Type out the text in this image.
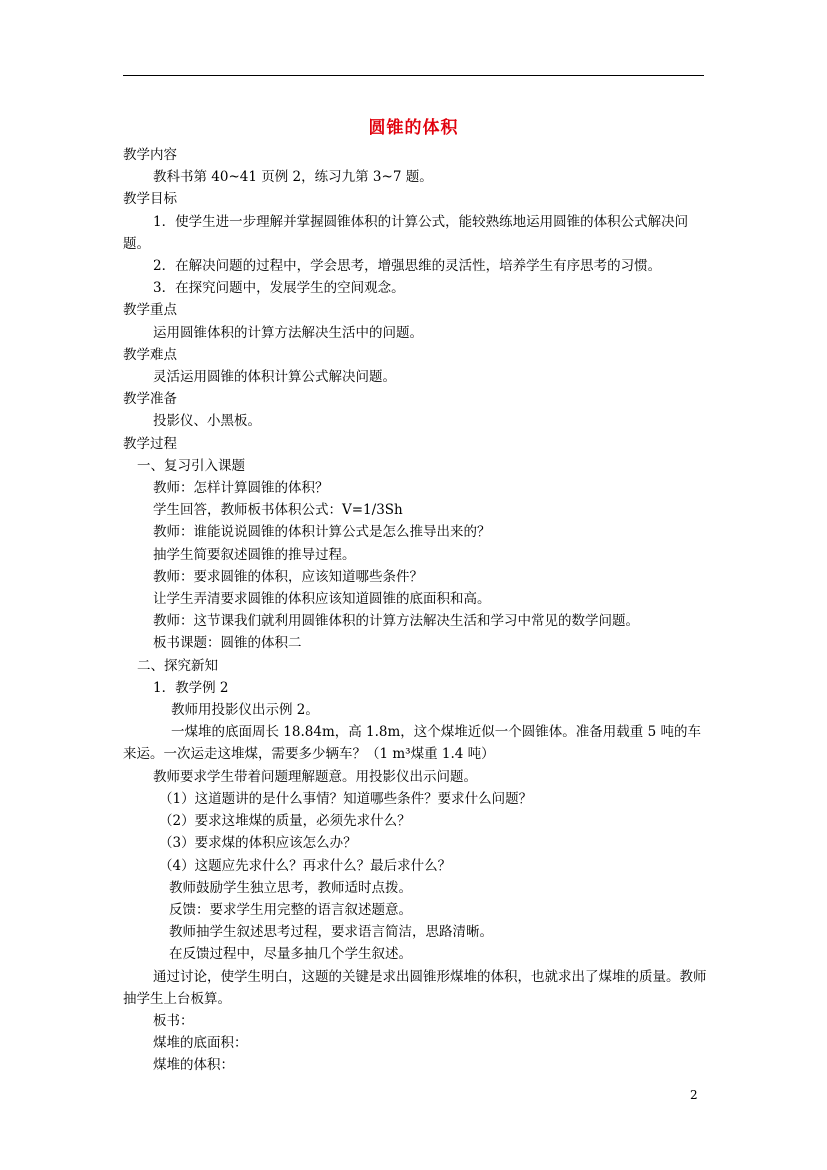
圆锥的体积
教学内容
教科书第 40~41 页例 2，练习九第 3~7 题。
教学目标
1．使学生进一步理解并掌握圆锥体积的计算公式，能较熟练地运用圆锥的体积公式解决问题。
2．在解决问题的过程中，学会思考，增强思维的灵活性，培养学生有序思考的习惯。
3．在探究问题中，发展学生的空间观念。
教学重点
运用圆锥体积的计算方法解决生活中的问题。
教学难点
灵活运用圆锥的体积计算公式解决问题。
教学准备
投影仪、小黑板。
教学过程
一、复习引入课题
教师：怎样计算圆锥的体积？
学生回答，教师板书体积公式：V=1/3Sh
教师：谁能说说圆锥的体积计算公式是怎么推导出来的？
抽学生简要叙述圆锥的推导过程。
教师：要求圆锥的体积，应该知道哪些条件？
让学生弄清要求圆锥的体积应该知道圆锥的底面积和高。
教师：这节课我们就利用圆锥体积的计算方法解决生活和学习中常见的数学问题。
板书课题：圆锥的体积二
二、探究新知
1．教学例 2
教师用投影仪出示例 2。
一煤堆的底面周长 18.84m，高 1.8m，这个煤堆近似一个圆锥体。准备用载重 5 吨的车来运。一次运走这堆煤，需要多少辆车？（1 m³煤重 1.4 吨）
教师要求学生带着问题理解题意。用投影仪出示问题。
（1）这道题讲的是什么事情？知道哪些条件？要求什么问题？
（2）要求这堆煤的质量，必须先求什么？
（3）要求煤的体积应该怎么办？
（4）这题应先求什么？再求什么？最后求什么？
教师鼓励学生独立思考，教师适时点拨。
反馈：要求学生用完整的语言叙述题意。
教师抽学生叙述思考过程，要求语言简洁，思路清晰。
在反馈过程中，尽量多抽几个学生叙述。
通过讨论，使学生明白，这题的关键是求出圆锥形煤堆的体积，也就求出了煤堆的质量。教师抽学生上台板算。
板书：
煤堆的底面积：
煤堆的体积：
2
